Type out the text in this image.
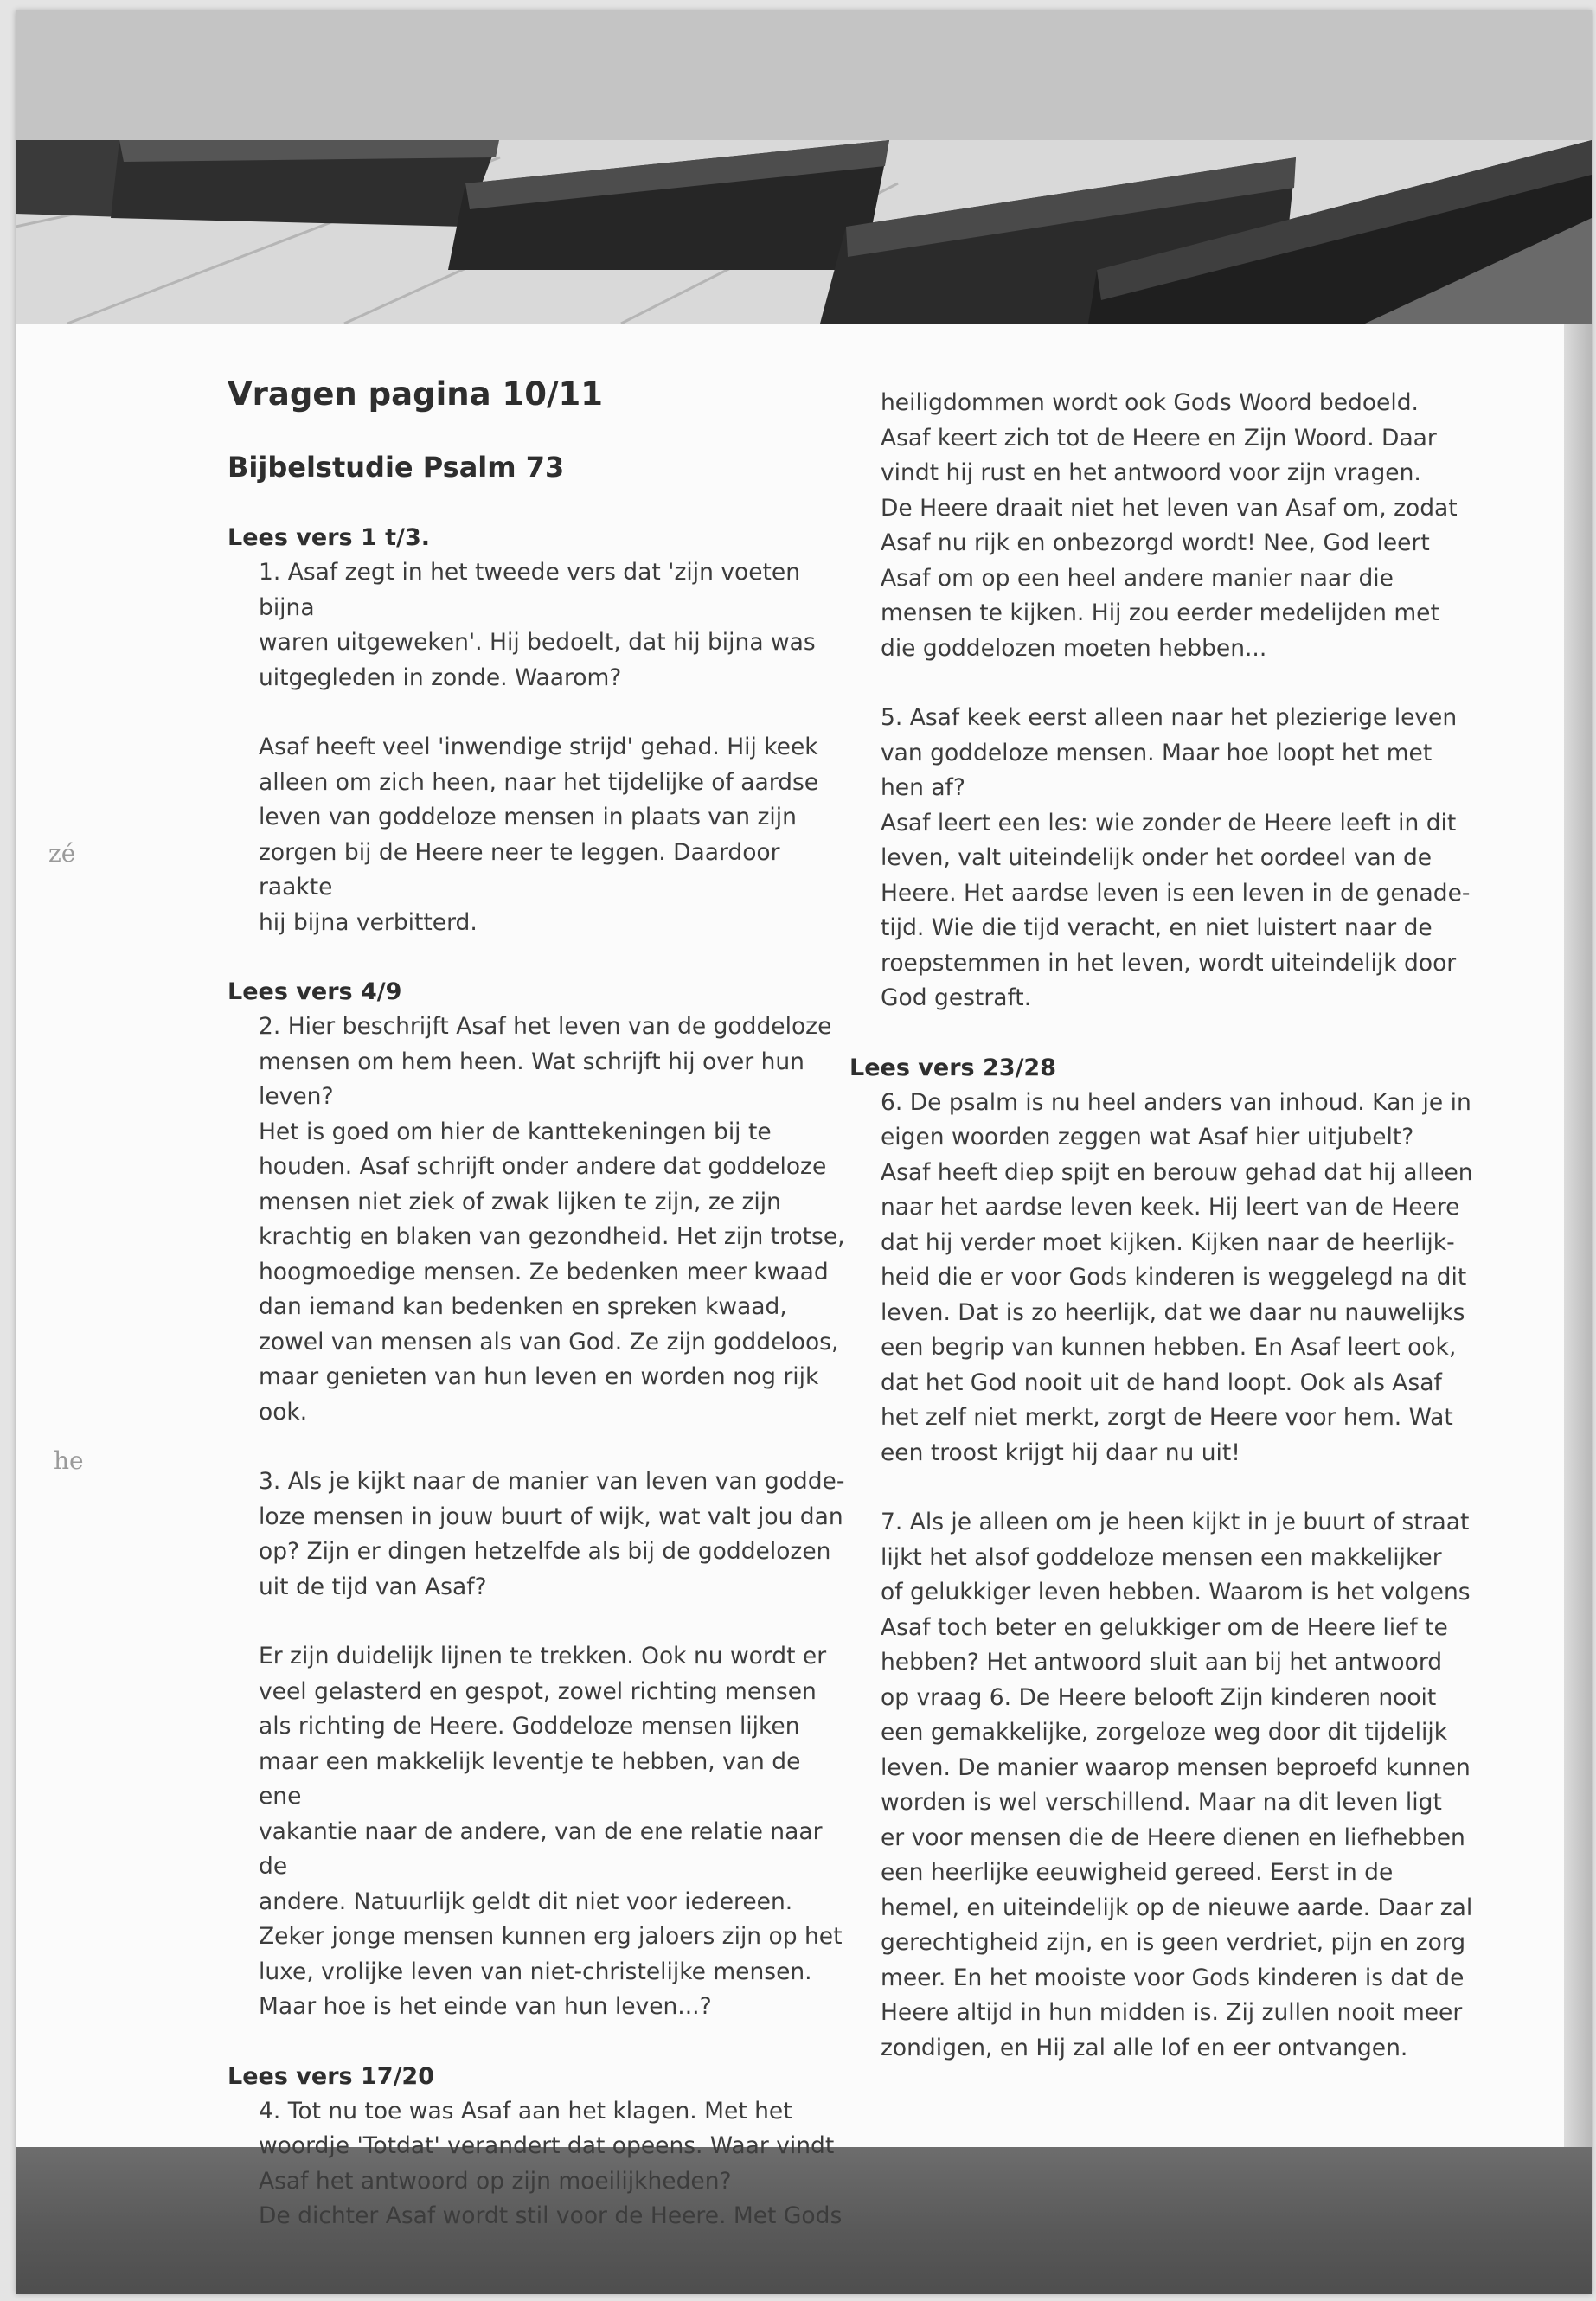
zé
he
Vragen pagina 10/11
Bijbelstudie Psalm 73
Lees vers 1 t/3.
1. Asaf zegt in het tweede vers dat 'zijn voeten bijna
waren uitgeweken'. Hij bedoelt, dat hij bijna was
uitgegleden in zonde. Waarom?
Asaf heeft veel 'inwendige strijd' gehad. Hij keek
alleen om zich heen, naar het tijdelijke of aardse
leven van goddeloze mensen in plaats van zijn
zorgen bij de Heere neer te leggen. Daardoor raakte
hij bijna verbitterd.
Lees vers 4/9
2. Hier beschrijft Asaf het leven van de goddeloze
mensen om hem heen. Wat schrijft hij over hun
leven?
Het is goed om hier de kanttekeningen bij te
houden. Asaf schrijft onder andere dat goddeloze
mensen niet ziek of zwak lijken te zijn, ze zijn
krachtig en blaken van gezondheid. Het zijn trotse,
hoogmoedige mensen. Ze bedenken meer kwaad
dan iemand kan bedenken en spreken kwaad,
zowel van mensen als van God. Ze zijn goddeloos,
maar genieten van hun leven en worden nog rijk
ook.
3. Als je kijkt naar de manier van leven van godde-
loze mensen in jouw buurt of wijk, wat valt jou dan
op? Zijn er dingen hetzelfde als bij de goddelozen
uit de tijd van Asaf?
Er zijn duidelijk lijnen te trekken. Ook nu wordt er
veel gelasterd en gespot, zowel richting mensen
als richting de Heere. Goddeloze mensen lijken
maar een makkelijk leventje te hebben, van de ene
vakantie naar de andere, van de ene relatie naar de
andere. Natuurlijk geldt dit niet voor iedereen.
Zeker jonge mensen kunnen erg jaloers zijn op het
luxe, vrolijke leven van niet-christelijke mensen.
Maar hoe is het einde van hun leven...?
Lees vers 17/20
4. Tot nu toe was Asaf aan het klagen. Met het
woordje 'Totdat' verandert dat opeens. Waar vindt
Asaf het antwoord op zijn moeilijkheden?
De dichter Asaf wordt stil voor de Heere. Met Gods
heiligdommen wordt ook Gods Woord bedoeld.
Asaf keert zich tot de Heere en Zijn Woord. Daar
vindt hij rust en het antwoord voor zijn vragen.
De Heere draait niet het leven van Asaf om, zodat
Asaf nu rijk en onbezorgd wordt! Nee, God leert
Asaf om op een heel andere manier naar die
mensen te kijken. Hij zou eerder medelijden met
die goddelozen moeten hebben...
5. Asaf keek eerst alleen naar het plezierige leven
van goddeloze mensen. Maar hoe loopt het met
hen af?
Asaf leert een les: wie zonder de Heere leeft in dit
leven, valt uiteindelijk onder het oordeel van de
Heere. Het aardse leven is een leven in de genade-
tijd. Wie die tijd veracht, en niet luistert naar de
roepstemmen in het leven, wordt uiteindelijk door
God gestraft.
Lees vers 23/28
6. De psalm is nu heel anders van inhoud. Kan je in
eigen woorden zeggen wat Asaf hier uitjubelt?
Asaf heeft diep spijt en berouw gehad dat hij alleen
naar het aardse leven keek. Hij leert van de Heere
dat hij verder moet kijken. Kijken naar de heerlijk-
heid die er voor Gods kinderen is weggelegd na dit
leven. Dat is zo heerlijk, dat we daar nu nauwelijks
een begrip van kunnen hebben. En Asaf leert ook,
dat het God nooit uit de hand loopt. Ook als Asaf
het zelf niet merkt, zorgt de Heere voor hem. Wat
een troost krijgt hij daar nu uit!
7. Als je alleen om je heen kijkt in je buurt of straat
lijkt het alsof goddeloze mensen een makkelijker
of gelukkiger leven hebben. Waarom is het volgens
Asaf toch beter en gelukkiger om de Heere lief te
hebben? Het antwoord sluit aan bij het antwoord
op vraag 6. De Heere belooft Zijn kinderen nooit
een gemakkelijke, zorgeloze weg door dit tijdelijk
leven. De manier waarop mensen beproefd kunnen
worden is wel verschillend. Maar na dit leven ligt
er voor mensen die de Heere dienen en liefhebben
een heerlijke eeuwigheid gereed. Eerst in de
hemel, en uiteindelijk op de nieuwe aarde. Daar zal
gerechtigheid zijn, en is geen verdriet, pijn en zorg
meer. En het mooiste voor Gods kinderen is dat de
Heere altijd in hun midden is. Zij zullen nooit meer
zondigen, en Hij zal alle lof en eer ontvangen.
